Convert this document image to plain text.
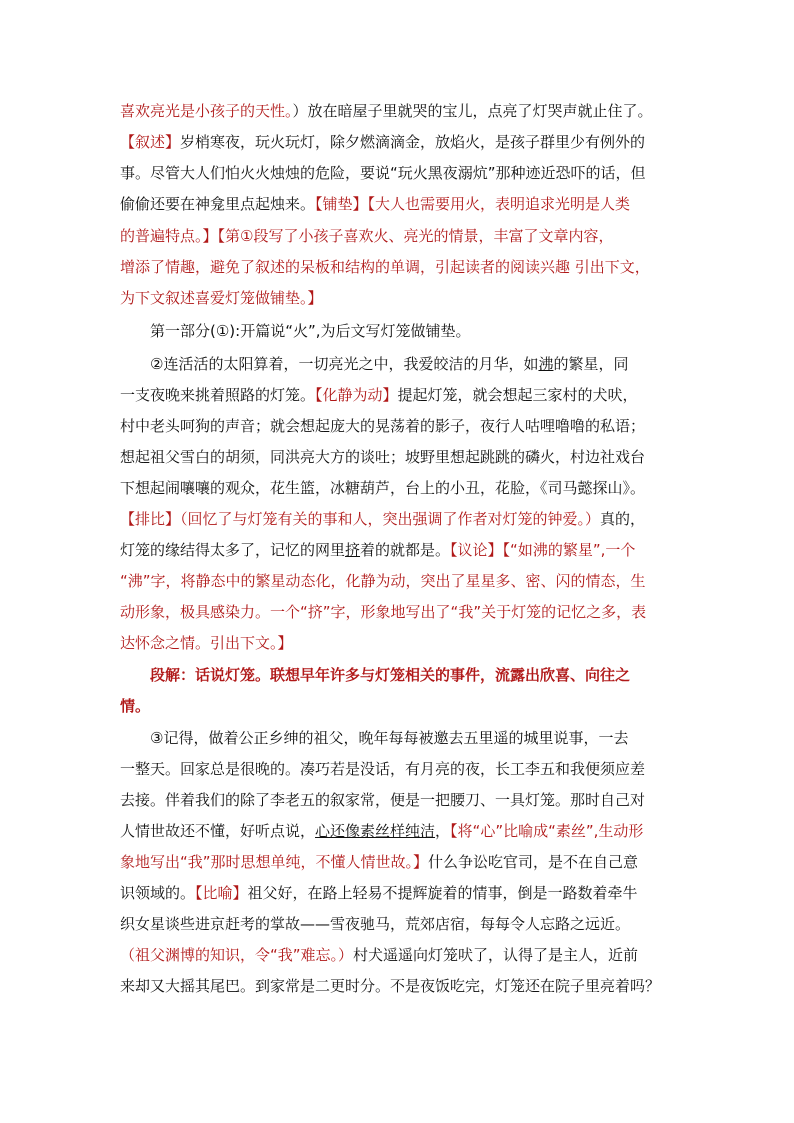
喜欢亮光是小孩子的天性。）放在暗屋子里就哭的宝儿，点亮了灯哭声就止住了。
【叙述】岁梢寒夜，玩火玩灯，除夕燃滴滴金，放焰火，是孩子群里少有例外的
事。尽管大人们怕火火烛烛的危险，要说“玩火黑夜溺炕”那种迹近恐吓的话，但
偷偷还要在神龛里点起烛来。【铺垫】【大人也需要用火，表明追求光明是人类
的普遍特点。】【第①段写了小孩子喜欢火、亮光的情景，丰富了文章内容，
增添了情趣，避免了叙述的呆板和结构的单调，引起读者的阅读兴趣 引出下文，
为下文叙述喜爱灯笼做铺垫。】
第一部分(①):开篇说“火”,为后文写灯笼做铺垫。
②连活活的太阳算着，一切亮光之中，我爱皎洁的月华，如沸的繁星，同
一支夜晚来挑着照路的灯笼。【化静为动】提起灯笼，就会想起三家村的犬吠，
村中老头呵狗的声音；就会想起庞大的晃荡着的影子，夜行人咕哩噜噜的私语；
想起祖父雪白的胡须，同洪亮大方的谈吐；坡野里想起跳跳的磷火，村边社戏台
下想起闹嚷嚷的观众，花生篮，冰糖葫芦，台上的小丑，花脸，《司马懿探山》。
【排比】（回忆了与灯笼有关的事和人，突出强调了作者对灯笼的钟爱。）真的，
灯笼的缘结得太多了，记忆的网里挤着的就都是。【议论】【“如沸的繁星”,一个
“沸”字，将静态中的繁星动态化，化静为动，突出了星星多、密、闪的情态，生
动形象，极具感染力。一个“挤”字，形象地写出了“我”关于灯笼的记忆之多，表
达怀念之情。引出下文。】
段解：话说灯笼。联想早年许多与灯笼相关的事件，流露出欣喜、向往之
情。
③记得，做着公正乡绅的祖父，晚年每每被邀去五里遥的城里说事，一去
一整天。回家总是很晚的。凑巧若是没话，有月亮的夜，长工李五和我便须应差
去接。伴着我们的除了李老五的叙家常，便是一把腰刀、一具灯笼。那时自己对
人情世故还不懂，好听点说，心还像素丝样纯洁，【将“心”比喻成“素丝”,生动形
象地写出“我”那时思想单纯，不懂人情世故。】什么争讼吃官司，是不在自己意
识领域的。【比喻】祖父好，在路上轻易不提辉旋着的情事，倒是一路数着牵牛
织女星谈些进京赶考的掌故——雪夜驰马，荒郊店宿，每每令人忘路之远近。
（祖父渊博的知识，令“我”难忘。）村犬遥遥向灯笼吠了，认得了是主人，近前
来却又大摇其尾巴。到家常是二更时分。不是夜饭吃完，灯笼还在院子里亮着吗？
